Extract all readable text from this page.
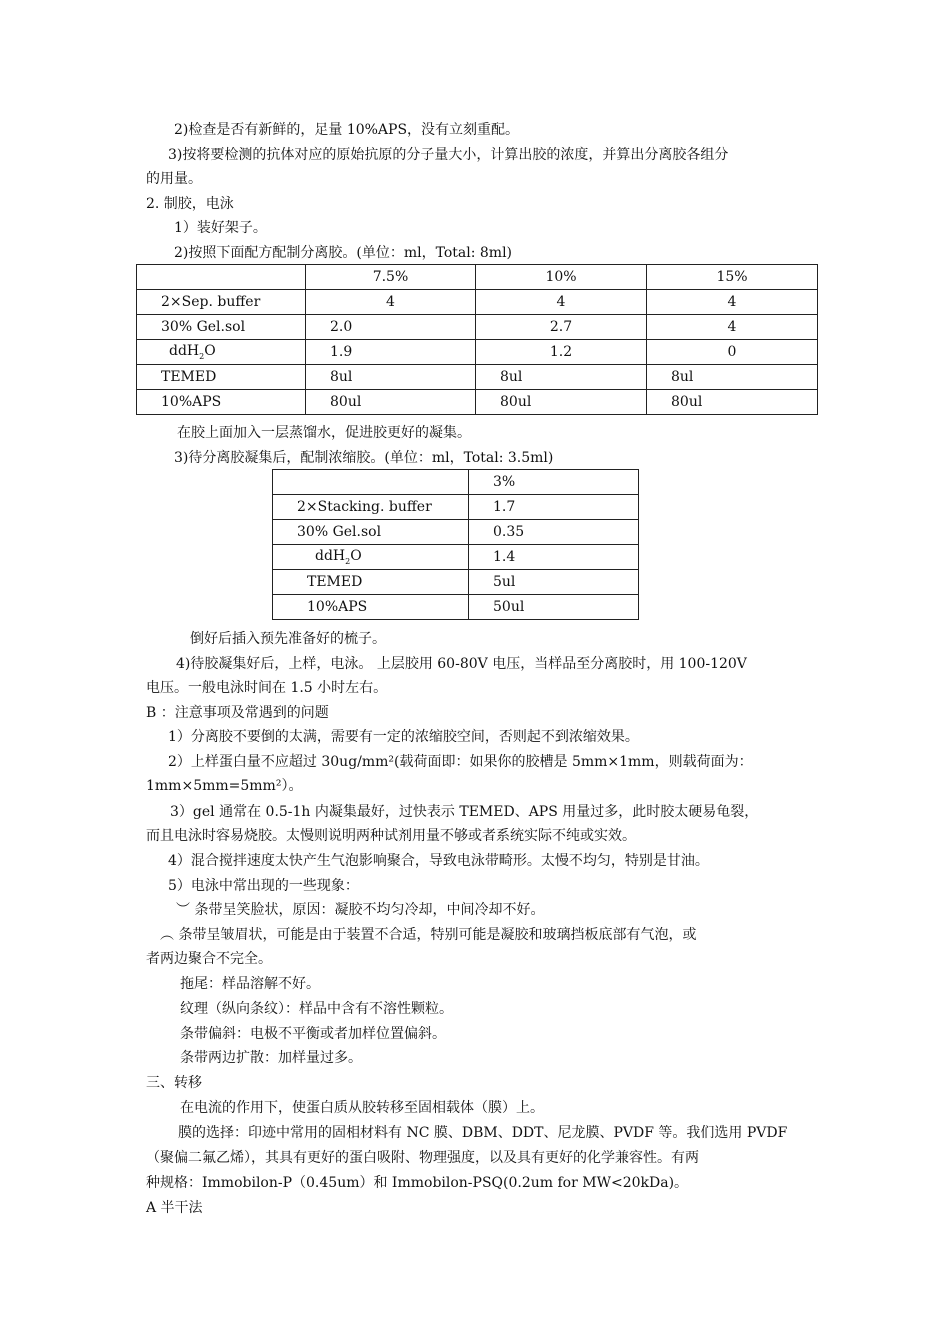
2)检查是否有新鲜的，足量 10%APS，没有立刻重配。
3)按将要检测的抗体对应的原始抗原的分子量大小，计算出胶的浓度，并算出分离胶各组分
的用量。
2. 制胶，电泳
1）装好架子。
2)按照下面配方配制分离胶。(单位：ml，Total: 8ml)
	7.5%	10%	15%
2×Sep. buffer	4	4	4
30% Gel.sol	2.0	2.7	4
ddH$_2$O	1.9	1.2	0
TEMED	8ul	8ul	8ul
10%APS	80ul	80ul	80ul
在胶上面加入一层蒸馏水，促进胶更好的凝集。
3)待分离胶凝集后，配制浓缩胶。(单位：ml，Total: 3.5ml)
	3%
2×Stacking. buffer	1.7
30% Gel.sol	0.35
ddH$_2$O	1.4
TEMED	5ul
10%APS	50ul
倒好后插入预先准备好的梳子。
4)待胶凝集好后，上样，电泳。 上层胶用 60-80V 电压，当样品至分离胶时，用 100-120V
电压。一般电泳时间在 1.5 小时左右。
B ：注意事项及常遇到的问题
1）分离胶不要倒的太满，需要有一定的浓缩胶空间，否则起不到浓缩效果。
2）上样蛋白量不应超过 30ug/mm²(载荷面即：如果你的胶槽是 5mm×1mm，则载荷面为：
1mm×5mm=5mm²）。
3）gel 通常在 0.5-1h 内凝集最好，过快表示 TEMED、APS 用量过多，此时胶太硬易龟裂，
而且电泳时容易烧胶。太慢则说明两种试剂用量不够或者系统实际不纯或实效。
4）混合搅拌速度太快产生气泡影响聚合，导致电泳带畸形。太慢不均匀，特别是甘油。
5）电泳中常出现的一些现象：
︶ 条带呈笑脸状，原因：凝胶不均匀冷却，中间冷却不好。
︵ 条带呈皱眉状，可能是由于装置不合适，特别可能是凝胶和玻璃挡板底部有气泡，或
者两边聚合不完全。
拖尾：样品溶解不好。
纹理（纵向条纹）：样品中含有不溶性颗粒。
条带偏斜：电极不平衡或者加样位置偏斜。
条带两边扩散：加样量过多。
三、转移
在电流的作用下，使蛋白质从胶转移至固相载体（膜）上。
膜的选择：印迹中常用的固相材料有 NC 膜、DBM、DDT、尼龙膜、PVDF 等。我们选用 PVDF
（聚偏二氟乙烯），其具有更好的蛋白吸附、物理强度，以及具有更好的化学兼容性。有两
种规格：Immobilon-P（0.45um）和 Immobilon-PSQ(0.2um for MW<20kDa)。
A 半干法
